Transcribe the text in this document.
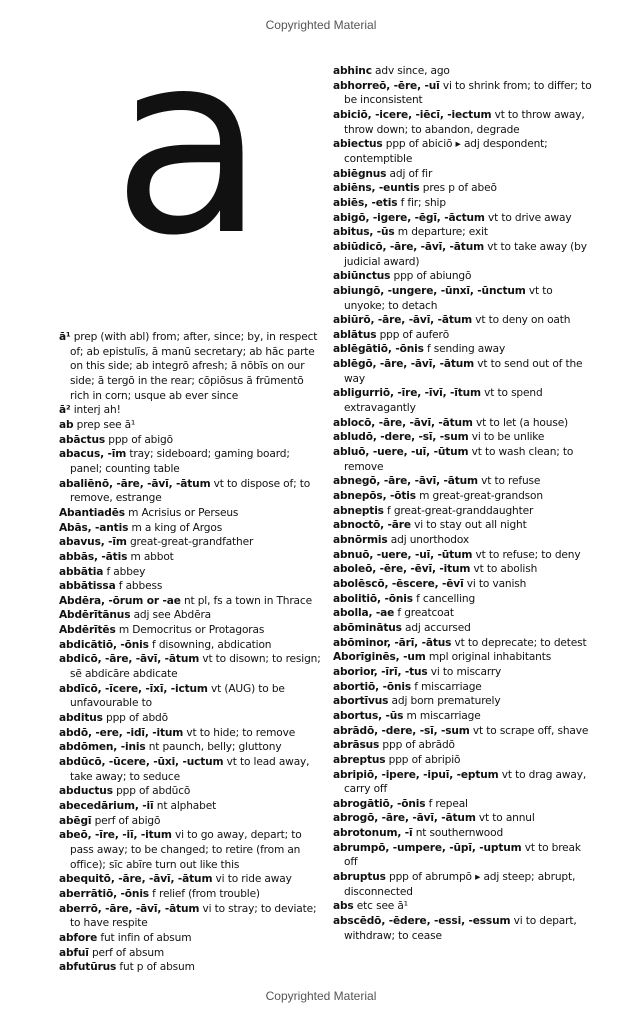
Copyrighted Material
a

ā¹ prep (with abl) from; after, since; by, in respect of; ab epistulīs, ā manū secretary; ab hāc parte on this side; ab integrō afresh; ā nōbīs on our side; ā tergō in the rear; cōpiōsus ā frūmentō rich in corn; usque ab ever since

ā² interj ah!

ab prep see ā¹

abāctus ppp of abigō

abacus, -īm tray; sideboard; gaming board; panel; counting table

abaliēnō, -āre, -āvī, -ātum vt to dispose of; to remove, estrange

Abantiadēs m Acrisius or Perseus

Abās, -antis m a king of Argos

abavus, -īm great-great-grandfather

abbās, -ātis m abbot

abbātia f abbey

abbātissa f abbess

Abdēra, -ōrum or -ae nt pl, fs a town in Thrace

Abdērītānus adj see Abdēra

Abdērītēs m Democritus or Protagoras

abdicātiō, -ōnis f disowning, abdication

abdicō, -āre, -āvī, -ātum vt to disown; to resign; sē abdicāre abdicate

abdīcō, -īcere, -īxī, -ictum vt (AUG) to be unfavourable to

abditus ppp of abdō

abdō, -ere, -idī, -itum vt to hide; to remove

abdōmen, -inis nt paunch, belly; gluttony

abdūcō, -ūcere, -ūxi, -uctum vt to lead away, take away; to seduce

abductus ppp of abdūcō

abecedārium, -iī nt alphabet

abēgī perf of abigō

abeō, -īre, -iī, -itum vi to go away, depart; to pass away; to be changed; to retire (from an office); sīc abīre turn out like this

abequitō, -āre, -āvī, -ātum vi to ride away

aberrātiō, -ōnis f relief (from trouble)

aberrō, -āre, -āvī, -ātum vi to stray; to deviate; to have respite

abfore fut infin of absum

abfuī perf of absum

abfutūrus fut p of absum

abhinc adv since, ago

abhorreō, -ēre, -uī vi to shrink from; to differ; to be inconsistent

abiciō, -icere, -iēcī, -iectum vt to throw away, throw down; to abandon, degrade

abiectus ppp of abiciō ▸ adj despondent; contemptible

abiēgnus adj of fir

abiēns, -euntis pres p of abeō

abiēs, -etis f fir; ship

abigō, -igere, -ēgī, -āctum vt to drive away

abitus, -ūs m departure; exit

abiūdicō, -āre, -āvī, -ātum vt to take away (by judicial award)

abiūnctus ppp of abiungō

abiungō, -ungere, -ūnxī, -ūnctum vt to unyoke; to detach

abiūrō, -āre, -āvī, -ātum vt to deny on oath

ablātus ppp of auferō

ablēgātiō, -ōnis f sending away

ablēgō, -āre, -āvī, -ātum vt to send out of the way

abligurriō, -īre, -īvī, -ītum vt to spend extravagantly

ablocō, -āre, -āvī, -ātum vt to let (a house)

abludō, -dere, -sī, -sum vi to be unlike

abluō, -uere, -uī, -ūtum vt to wash clean; to remove

abnegō, -āre, -āvī, -ātum vt to refuse

abnepōs, -ōtis m great-great-grandson

abneptis f great-great-granddaughter

abnoctō, -āre vi to stay out all night

abnōrmis adj unorthodox

abnuō, -uere, -uī, -ūtum vt to refuse; to deny

aboleō, -ēre, -ēvī, -itum vt to abolish

abolēscō, -ēscere, -ēvī vi to vanish

abolitiō, -ōnis f cancelling

abolla, -ae f greatcoat

abōminātus adj accursed

abōminor, -ārī, -ātus vt to deprecate; to detest

Aborīginēs, -um mpl original inhabitants

aborior, -īrī, -tus vi to miscarry

abortiō, -ōnis f miscarriage

abortīvus adj born prematurely

abortus, -ūs m miscarriage

abrādō, -dere, -sī, -sum vt to scrape off, shave

abrāsus ppp of abrādō

abreptus ppp of abripiō

abripiō, -ipere, -ipuī, -eptum vt to drag away, carry off

abrogātiō, -ōnis f repeal

abrogō, -āre, -āvī, -ātum vt to annul

abrotonum, -ī nt southernwood

abrumpō, -umpere, -ūpī, -uptum vt to break off

abruptus ppp of abrumpō ▸ adj steep; abrupt, disconnected

abs etc see ā¹

abscēdō, -ēdere, -essi, -essum vi to depart, withdraw; to cease

Copyrighted Material
